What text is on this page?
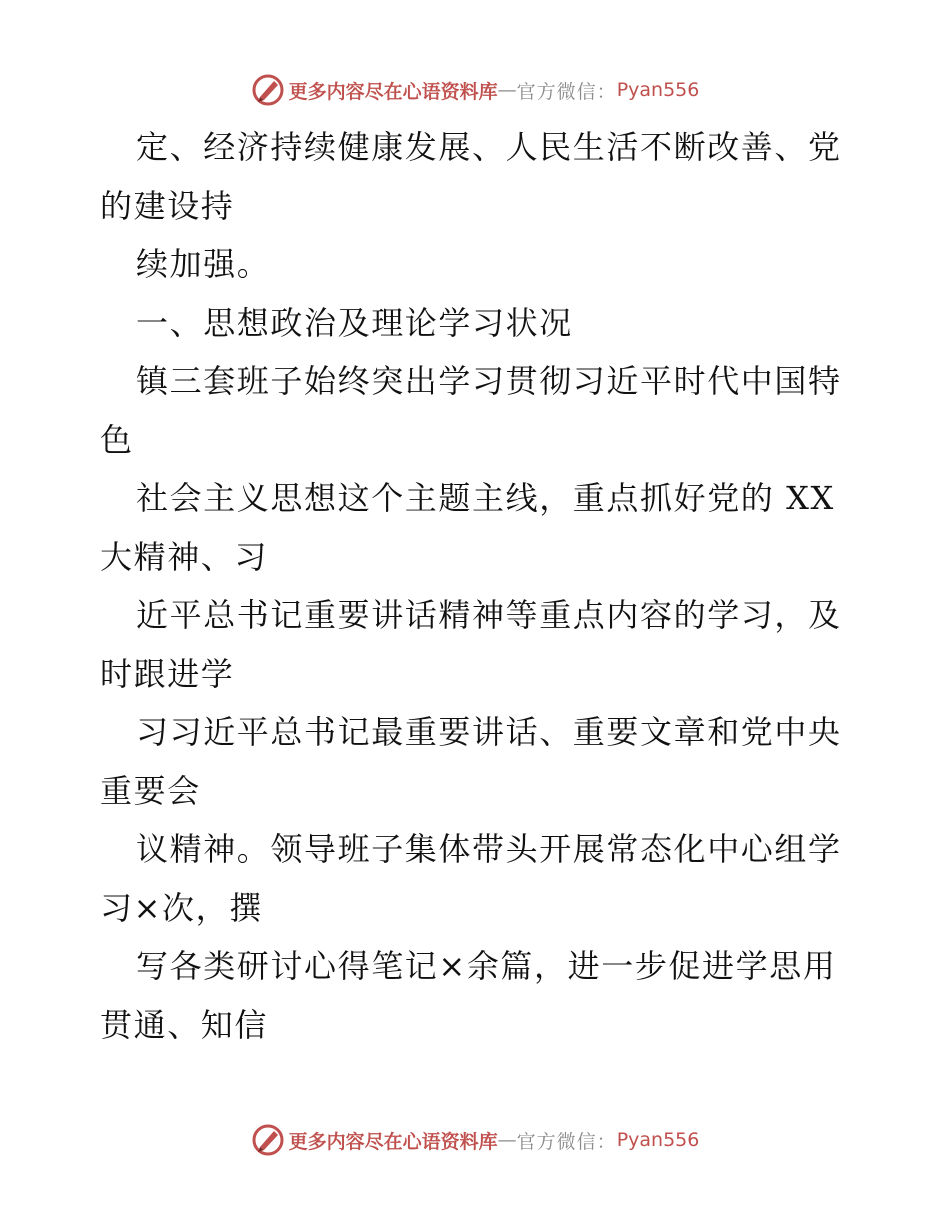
更多内容尽在心语资料库 — 官方微信： Pyan556
定、经济持续健康发展、人民生活不断改善、党
的建设持
续加强。
一、思想政治及理论学习状况
镇三套班子始终突出学习贯彻习近平时代中国特
色
社会主义思想这个主题主线，重点抓好党的 XX
大精神、习
近平总书记重要讲话精神等重点内容的学习，及
时跟进学
习习近平总书记最重要讲话、重要文章和党中央
重要会
议精神。领导班子集体带头开展常态化中心组学
习×次，撰
写各类研讨心得笔记×余篇，进一步促进学思用
贯通、知信
更多内容尽在心语资料库 — 官方微信： Pyan556
